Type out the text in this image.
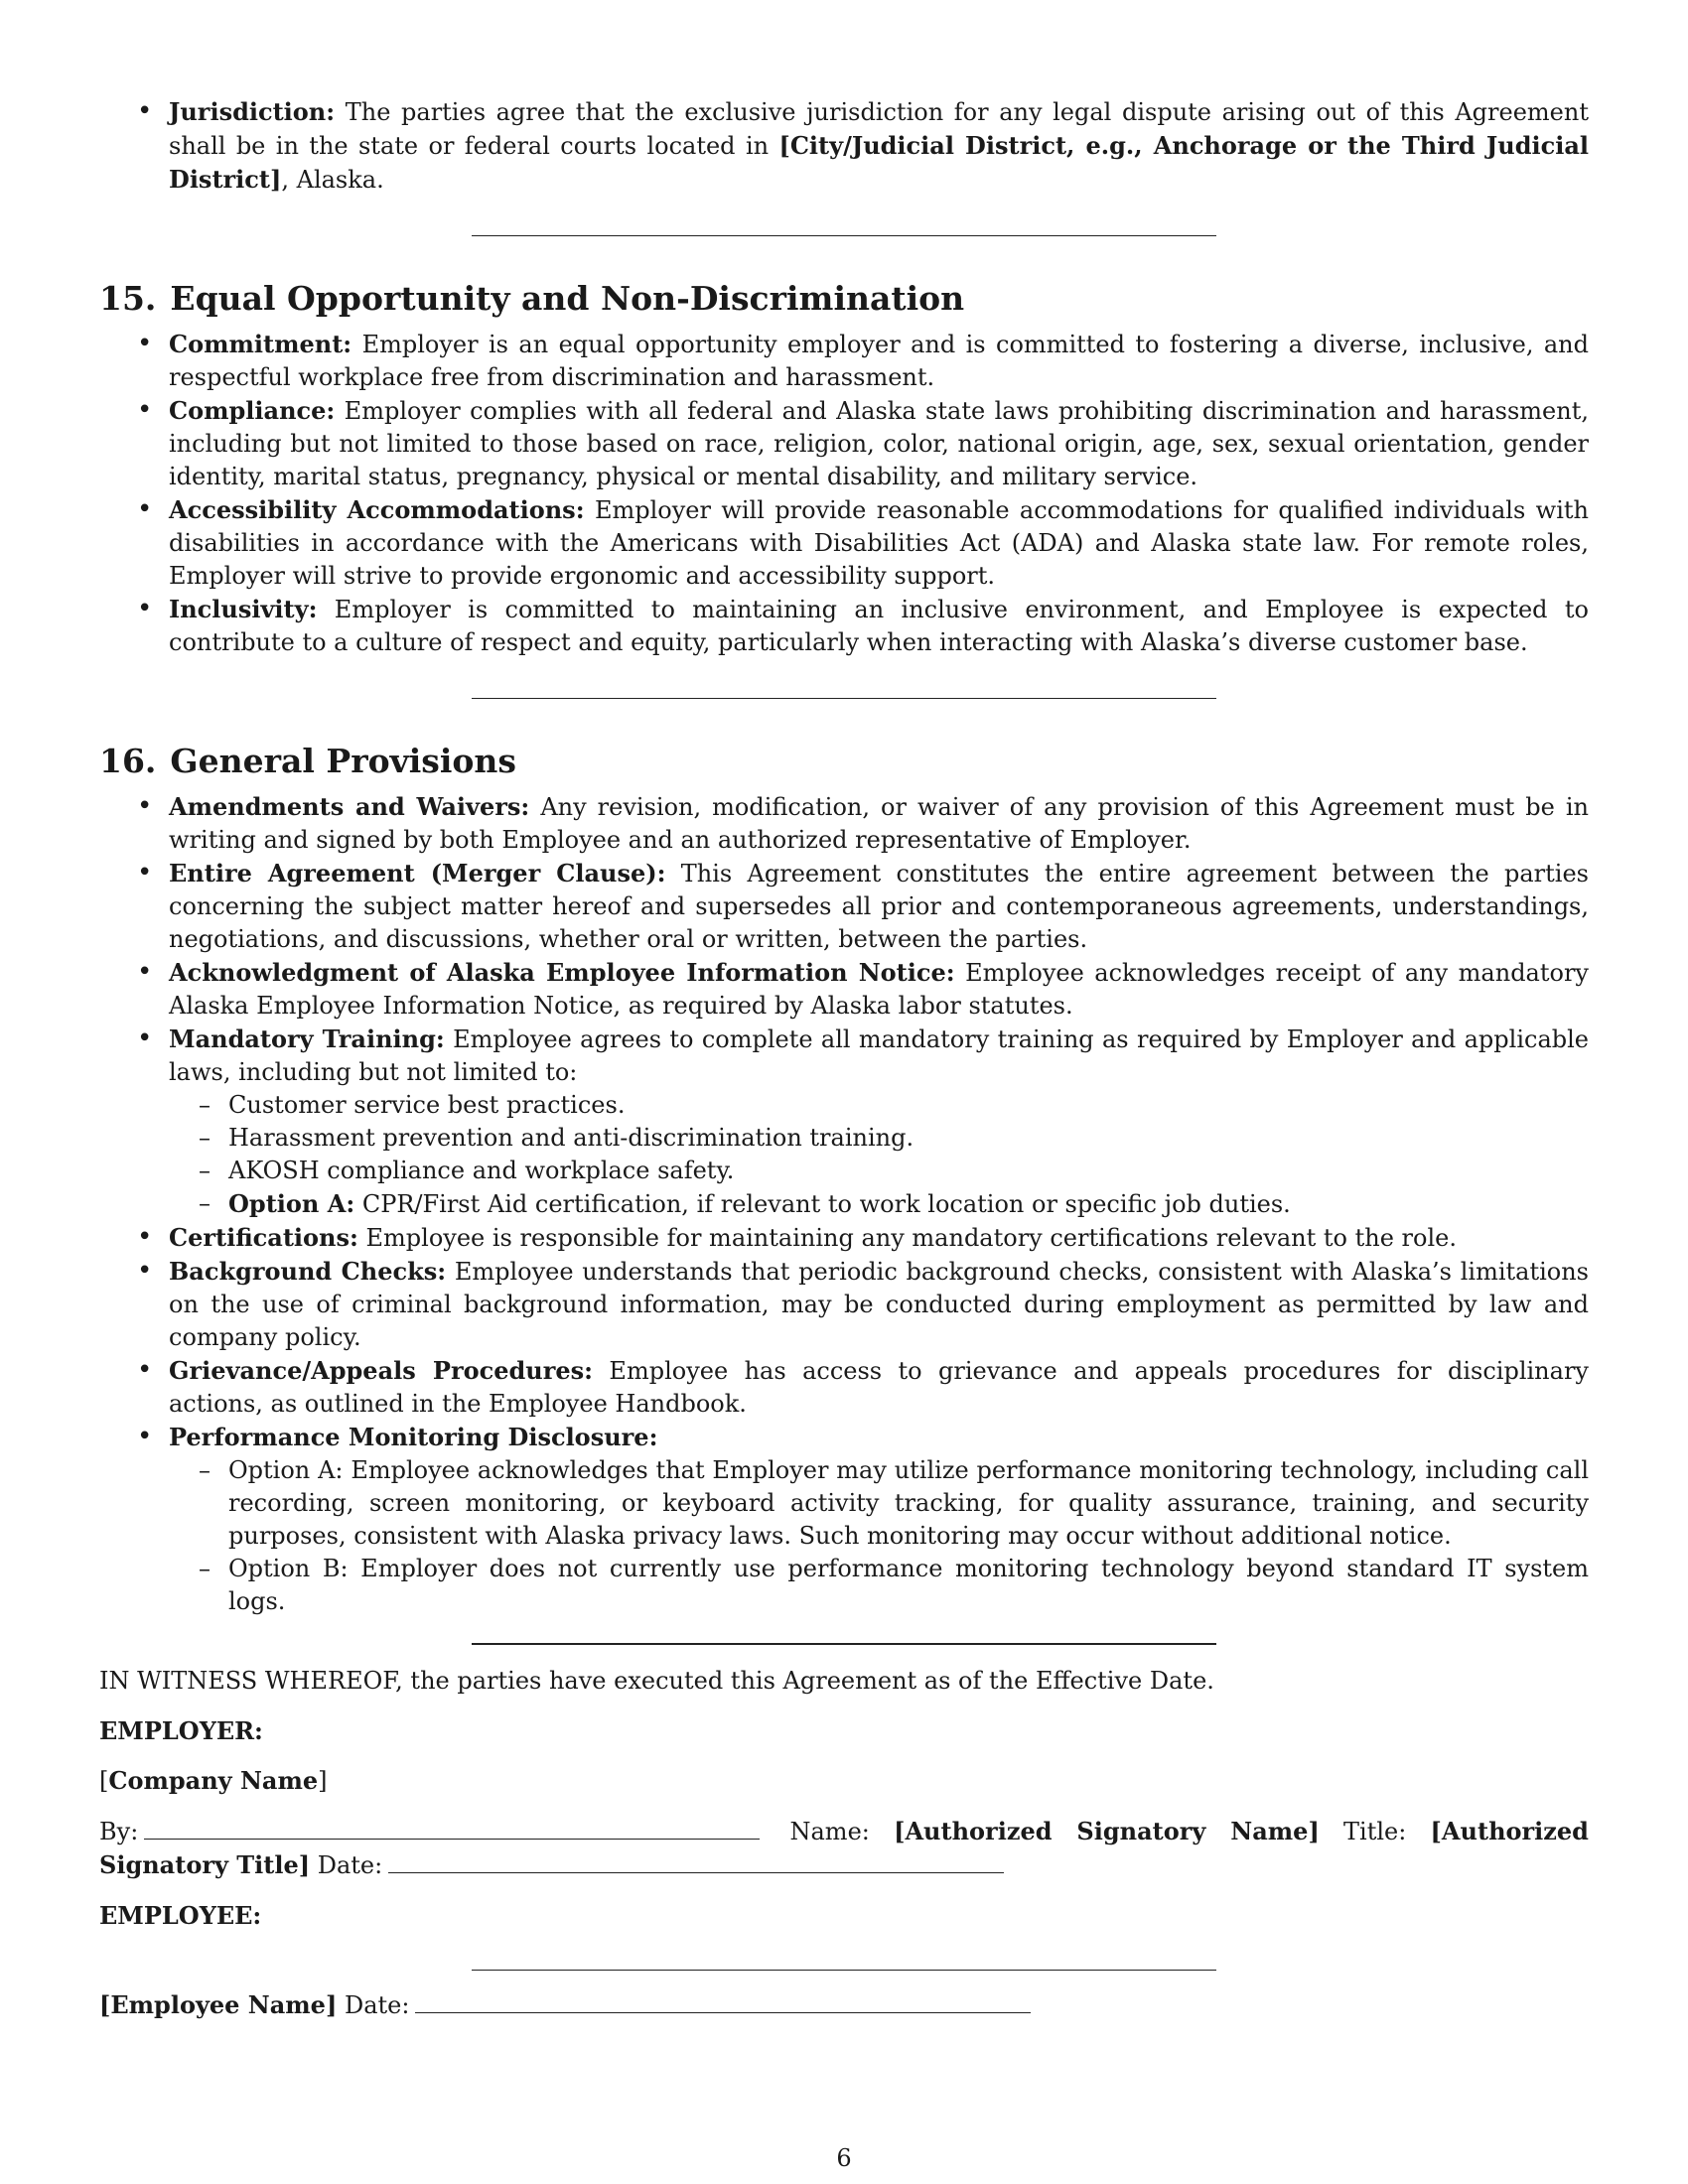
• Jurisdiction: The parties agree that the exclusive jurisdiction for any legal dispute arising out of this Agreement shall be in the state or federal courts located in [City/Judicial District, e.g., Anchorage or the Third Judicial District], Alaska.
15. Equal Opportunity and Non-Discrimination
• Commitment: Employer is an equal opportunity employer and is committed to fostering a diverse, inclusive, and respectful workplace free from discrimination and harassment.
• Compliance: Employer complies with all federal and Alaska state laws prohibiting discrimination and harassment, including but not limited to those based on race, religion, color, national origin, age, sex, sexual orientation, gender identity, marital status, pregnancy, physical or mental disability, and military service.
• Accessibility Accommodations: Employer will provide reasonable accommodations for qualified individuals with disabilities in accordance with the Americans with Disabilities Act (ADA) and Alaska state law. For remote roles, Employer will strive to provide ergonomic and accessibility support.
• Inclusivity: Employer is committed to maintaining an inclusive environment, and Employee is expected to contribute to a culture of respect and equity, particularly when interacting with Alaska’s diverse customer base.
16. General Provisions
• Amendments and Waivers: Any revision, modification, or waiver of any provision of this Agreement must be in writing and signed by both Employee and an authorized representative of Employer.
• Entire Agreement (Merger Clause): This Agreement constitutes the entire agreement between the parties concerning the subject matter hereof and supersedes all prior and contemporaneous agreements, understandings, negotiations, and discussions, whether oral or written, between the parties.
• Acknowledgment of Alaska Employee Information Notice: Employee acknowledges receipt of any mandatory Alaska Employee Information Notice, as required by Alaska labor statutes.
• Mandatory Training: Employee agrees to complete all mandatory training as required by Employer and applicable laws, including but not limited to:
– Customer service best practices.
– Harassment prevention and anti-discrimination training.
– AKOSH compliance and workplace safety.
– Option A: CPR/First Aid certification, if relevant to work location or specific job duties.
• Certifications: Employee is responsible for maintaining any mandatory certifications relevant to the role.
• Background Checks: Employee understands that periodic background checks, consistent with Alaska’s limitations on the use of criminal background information, may be conducted during employment as permitted by law and company policy.
• Grievance/Appeals Procedures: Employee has access to grievance and appeals procedures for disciplinary actions, as outlined in the Employee Handbook.
• Performance Monitoring Disclosure:
– Option A: Employee acknowledges that Employer may utilize performance monitoring technology, including call recording, screen monitoring, or keyboard activity tracking, for quality assurance, training, and security purposes, consistent with Alaska privacy laws. Such monitoring may occur without additional notice.
– Option B: Employer does not currently use performance monitoring technology beyond standard IT system logs.
IN WITNESS WHEREOF, the parties have executed this Agreement as of the Effective Date.
EMPLOYER:
[Company Name]
By:	Name: [Authorized Signatory Name] Title: [Authorized Signatory Title] Date:
EMPLOYEE:
[Employee Name] Date:
6
